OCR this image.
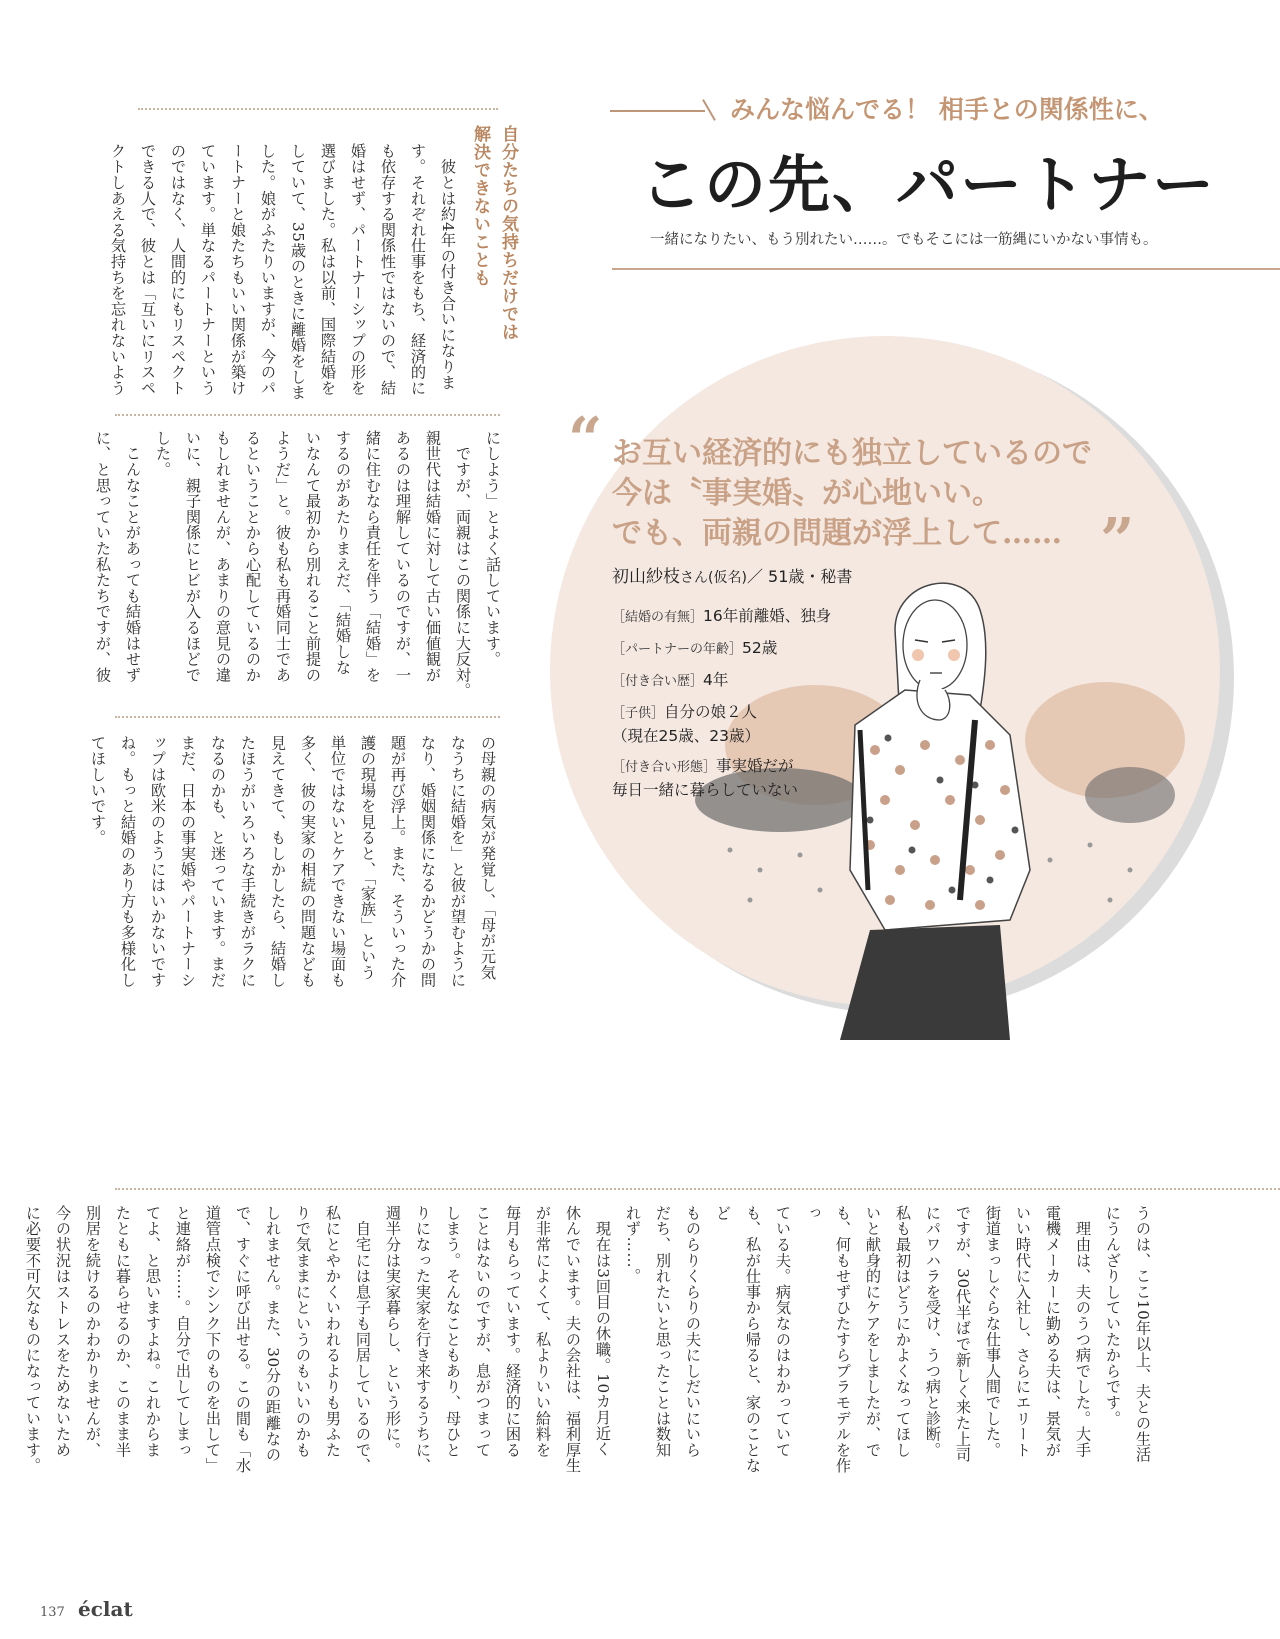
自分たちの気持ちだけでは
解決できないことも
　彼とは約4年の付き合いになりま
す。それぞれ仕事をもち、経済的に
も依存する関係性ではないので、結
婚はせず、パートナーシップの形を
選びました。私は以前、国際結婚を
していて、35歳のときに離婚をしま
した。娘がふたりいますが、今のパ
ートナーと娘たちもいい関係が築け
ています。単なるパートナーという
のではなく、人間的にもリスペクト
できる人で、彼とは「互いにリスペ
クトしあえる気持ちを忘れないよう
にしよう」とよく話しています。
　ですが、両親はこの関係に大反対。
親世代は結婚に対して古い価値観が
あるのは理解しているのですが、一
緒に住むなら責任を伴う「結婚」を
するのがあたりまえだ、「結婚しな
いなんて最初から別れること前提の
ようだ」と。彼も私も再婚同士であ
るということから心配しているのか
もしれませんが、あまりの意見の違
いに、親子関係にヒビが入るほどで
した。
　こんなことがあっても結婚はせず
に、と思っていた私たちですが、彼
の母親の病気が発覚し、「母が元気
なうちに結婚を」と彼が望むように
なり、婚姻関係になるかどうかの問
題が再び浮上。また、そういった介
護の現場を見ると、「家族」という
単位ではないとケアできない場面も
多く、彼の実家の相続の問題なども
見えてきて、もしかしたら、結婚し
たほうがいろいろな手続きがラクに
なるのかも、と迷っています。まだ
まだ、日本の事実婚やパートナーシ
ップは欧米のようにはいかないです
ね。もっと結婚のあり方も多様化し
てほしいです。
うのは、ここ10年以上、夫との生活
にうんざりしていたからです。
　理由は、夫のうつ病でした。大手
電機メーカーに勤める夫は、景気が
いい時代に入社し、さらにエリート
街道まっしぐらな仕事人間でした。
ですが、30代半ばで新しく来た上司
にパワハラを受け、うつ病と診断。
私も最初はどうにかよくなってほし
いと献身的にケアをしましたが、で
も、何もせずひたすらプラモデルを作っ
ている夫。病気なのはわかっていて
も、私が仕事から帰ると、家のことなど
ものらりくらりの夫にしだいにいら
だち、別れたいと思ったことは数知
れず……。
　現在は3回目の休職。10カ月近く
休んでいます。夫の会社は、福利厚生
が非常によくて、私よりいい給料を
毎月もらっています。経済的に困る
ことはないのですが、息がつまって
しまう。そんなこともあり、母ひと
りになった実家を行き来するうちに、
週半分は実家暮らし、という形に。
　自宅には息子も同居しているので、
私にとやかくいわれるよりも男ふた
りで気ままにというのもいいのかも
しれません。また、30分の距離なの
で、すぐに呼び出せる。この間も「水
道管点検でシンク下のものを出して」
と連絡が……。自分で出してしまっ
てよ、と思いますよね。これからま
たともに暮らせるのか、このまま半
別居を続けるのかわかりませんが、
今の状況はストレスをためないため
に必要不可欠なものになっています。
みんな悩んでる！ 相手との関係性に、
この先、パートナー
一緒になりたい、もう別れたい……。でもそこには一筋縄にいかない事情も。
“ お互い経済的にも独立しているので
今は〝事実婚〟が心地いい。
でも、両親の問題が浮上して…… ”
初山紗枝さん(仮名)／ 51歳・秘書
［結婚の有無］16年前離婚、独身
［パートナーの年齢］52歳
［付き合い歴］4年
［子供］自分の娘２人
（現在25歳、23歳）
［付き合い形態］事実婚だが
毎日一緒に暮らしていない
137 éclat
